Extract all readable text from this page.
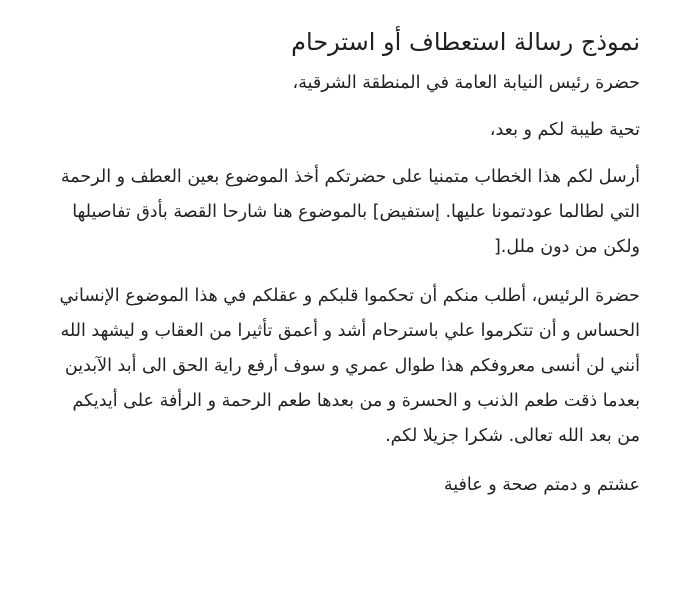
نموذج رسالة استعطاف أو استرحام

حضرة رئيس النيابة العامة في المنطقة الشرقية،

تحية طيبة لكم و بعد،

أرسل لكم هذا الخطاب متمنيا على حضرتكم أخذ الموضوع بعين العطف و الرحمة التي لطالما عودتمونا عليها. إستفيض] بالموضوع هنا شارحا القصة بأدق تفاصيلها ولكن من دون ملل.[

حضرة الرئيس، أطلب منكم أن تحكموا قلبكم و عقلكم في هذا الموضوع الإنساني الحساس و أن تتكرموا علي باسترحام أشد و أعمق تأثيرا من العقاب و ليشهد الله أنني لن أنسى معروفكم هذا طوال عمري و سوف أرفع راية الحق الى أبد الآبدين بعدما ذقت طعم الذنب و الحسرة و من بعدها طعم الرحمة و الرأفة على أيديكم من بعد الله تعالى. شكرا جزيلا لكم.

عشتم و دمتم صحة و عافية
